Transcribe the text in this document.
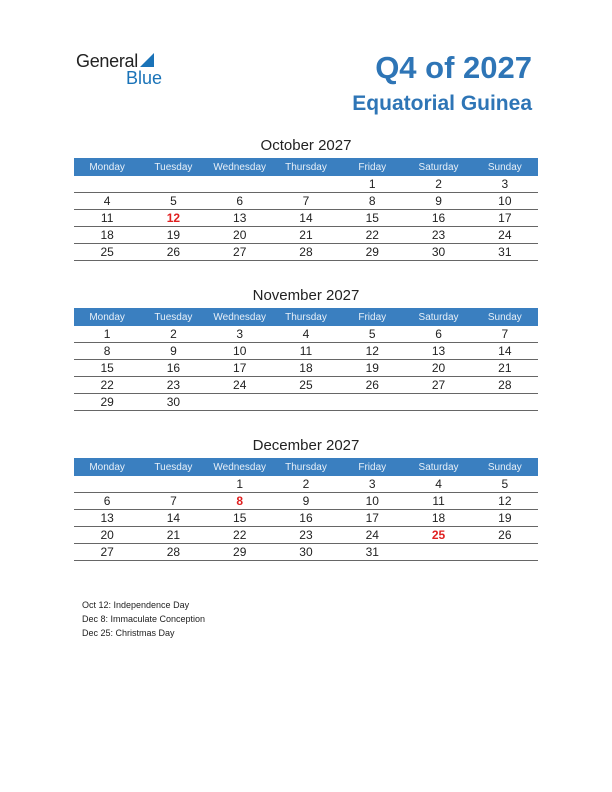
General
Blue	Q4 of 2027
Equatorial Guinea
October 2027
Monday	Tuesday	Wednesday	Thursday	Friday	Saturday	Sunday
				1	2	3
4	5	6	7	8	9	10
11	12	13	14	15	16	17
18	19	20	21	22	23	24
25	26	27	28	29	30	31
November 2027
Monday	Tuesday	Wednesday	Thursday	Friday	Saturday	Sunday
1	2	3	4	5	6	7
8	9	10	11	12	13	14
15	16	17	18	19	20	21
22	23	24	25	26	27	28
29	30					
December 2027
Monday	Tuesday	Wednesday	Thursday	Friday	Saturday	Sunday
		1	2	3	4	5
6	7	8	9	10	11	12
13	14	15	16	17	18	19
20	21	22	23	24	25	26
27	28	29	30	31		
Oct 12: Independence Day
Dec 8: Immaculate Conception
Dec 25: Christmas Day
